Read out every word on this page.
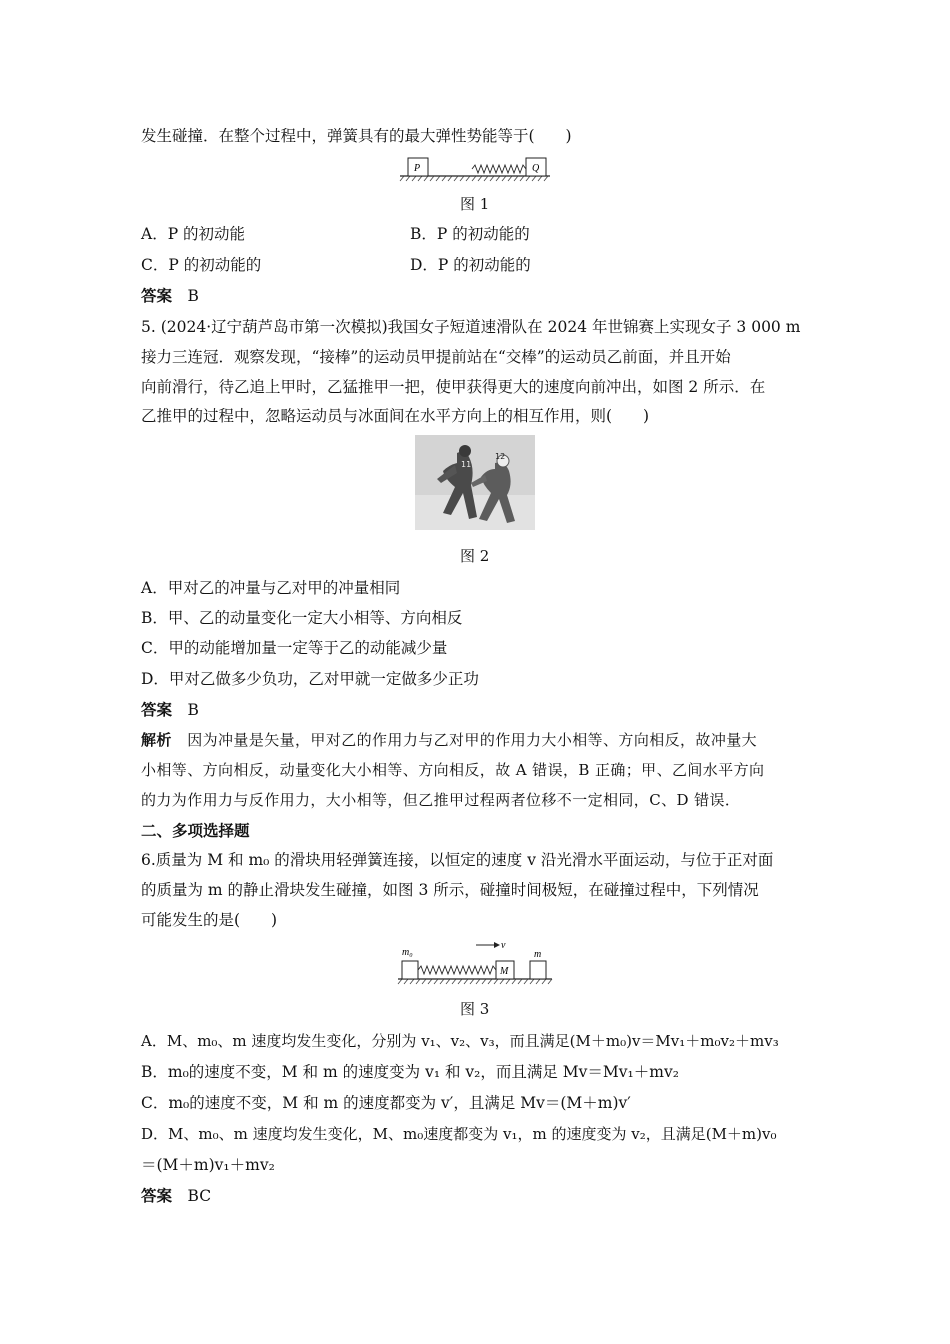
发生碰撞．在整个过程中，弹簧具有的最大弹性势能等于(　　)
P	Q
图 1
A．P 的初动能	B．P 的初动能的
C．P 的初动能的	D．P 的初动能的
答案　 B
5. (2024·辽宁葫芦岛市第一次模拟)我国女子短道速滑队在 2024 年世锦赛上实现女子 3 000 m
接力三连冠．观察发现，“接棒”的运动员甲提前站在“交棒”的运动员乙前面，并且开始
向前滑行，待乙追上甲时，乙猛推甲一把，使甲获得更大的速度向前冲出，如图 2 所示．在
乙推甲的过程中，忽略运动员与冰面间在水平方向上的相互作用，则(　　)
11
12
图 2
A．甲对乙的冲量与乙对甲的冲量相同
B．甲、乙的动量变化一定大小相等、方向相反
C．甲的动能增加量一定等于乙的动能减少量
D．甲对乙做多少负功，乙对甲就一定做多少正功
答案　 B
解析　 因为冲量是矢量，甲对乙的作用力与乙对甲的作用力大小相等、方向相反，故冲量大
小相等、方向相反，动量变化大小相等、方向相反，故 A 错误，B 正确；甲、乙间水平方向
的力为作用力与反作用力，大小相等，但乙推甲过程两者位移不一定相同，C、D 错误．
二、多项选择题
6.质量为 M 和 m₀ 的滑块用轻弹簧连接，以恒定的速度 v 沿光滑水平面运动，与位于正对面
的质量为 m 的静止滑块发生碰撞，如图 3 所示，碰撞时间极短，在碰撞过程中，下列情况
可能发生的是(　　)
m₀
M
v
m
图 3
A．M、m₀、m 速度均发生变化，分别为 v₁、v₂、v₃，而且满足(M＋m₀)v＝Mv₁＋m₀v₂＋mv₃
B．m₀的速度不变，M 和 m 的速度变为 v₁ 和 v₂，而且满足 Mv＝Mv₁＋mv₂
C．m₀的速度不变，M 和 m 的速度都变为 v′，且满足 Mv＝(M＋m)v′
D．M、m₀、m 速度均发生变化，M、m₀速度都变为 v₁，m 的速度变为 v₂，且满足(M＋m)v₀
＝(M＋m)v₁＋mv₂
答案　 BC
